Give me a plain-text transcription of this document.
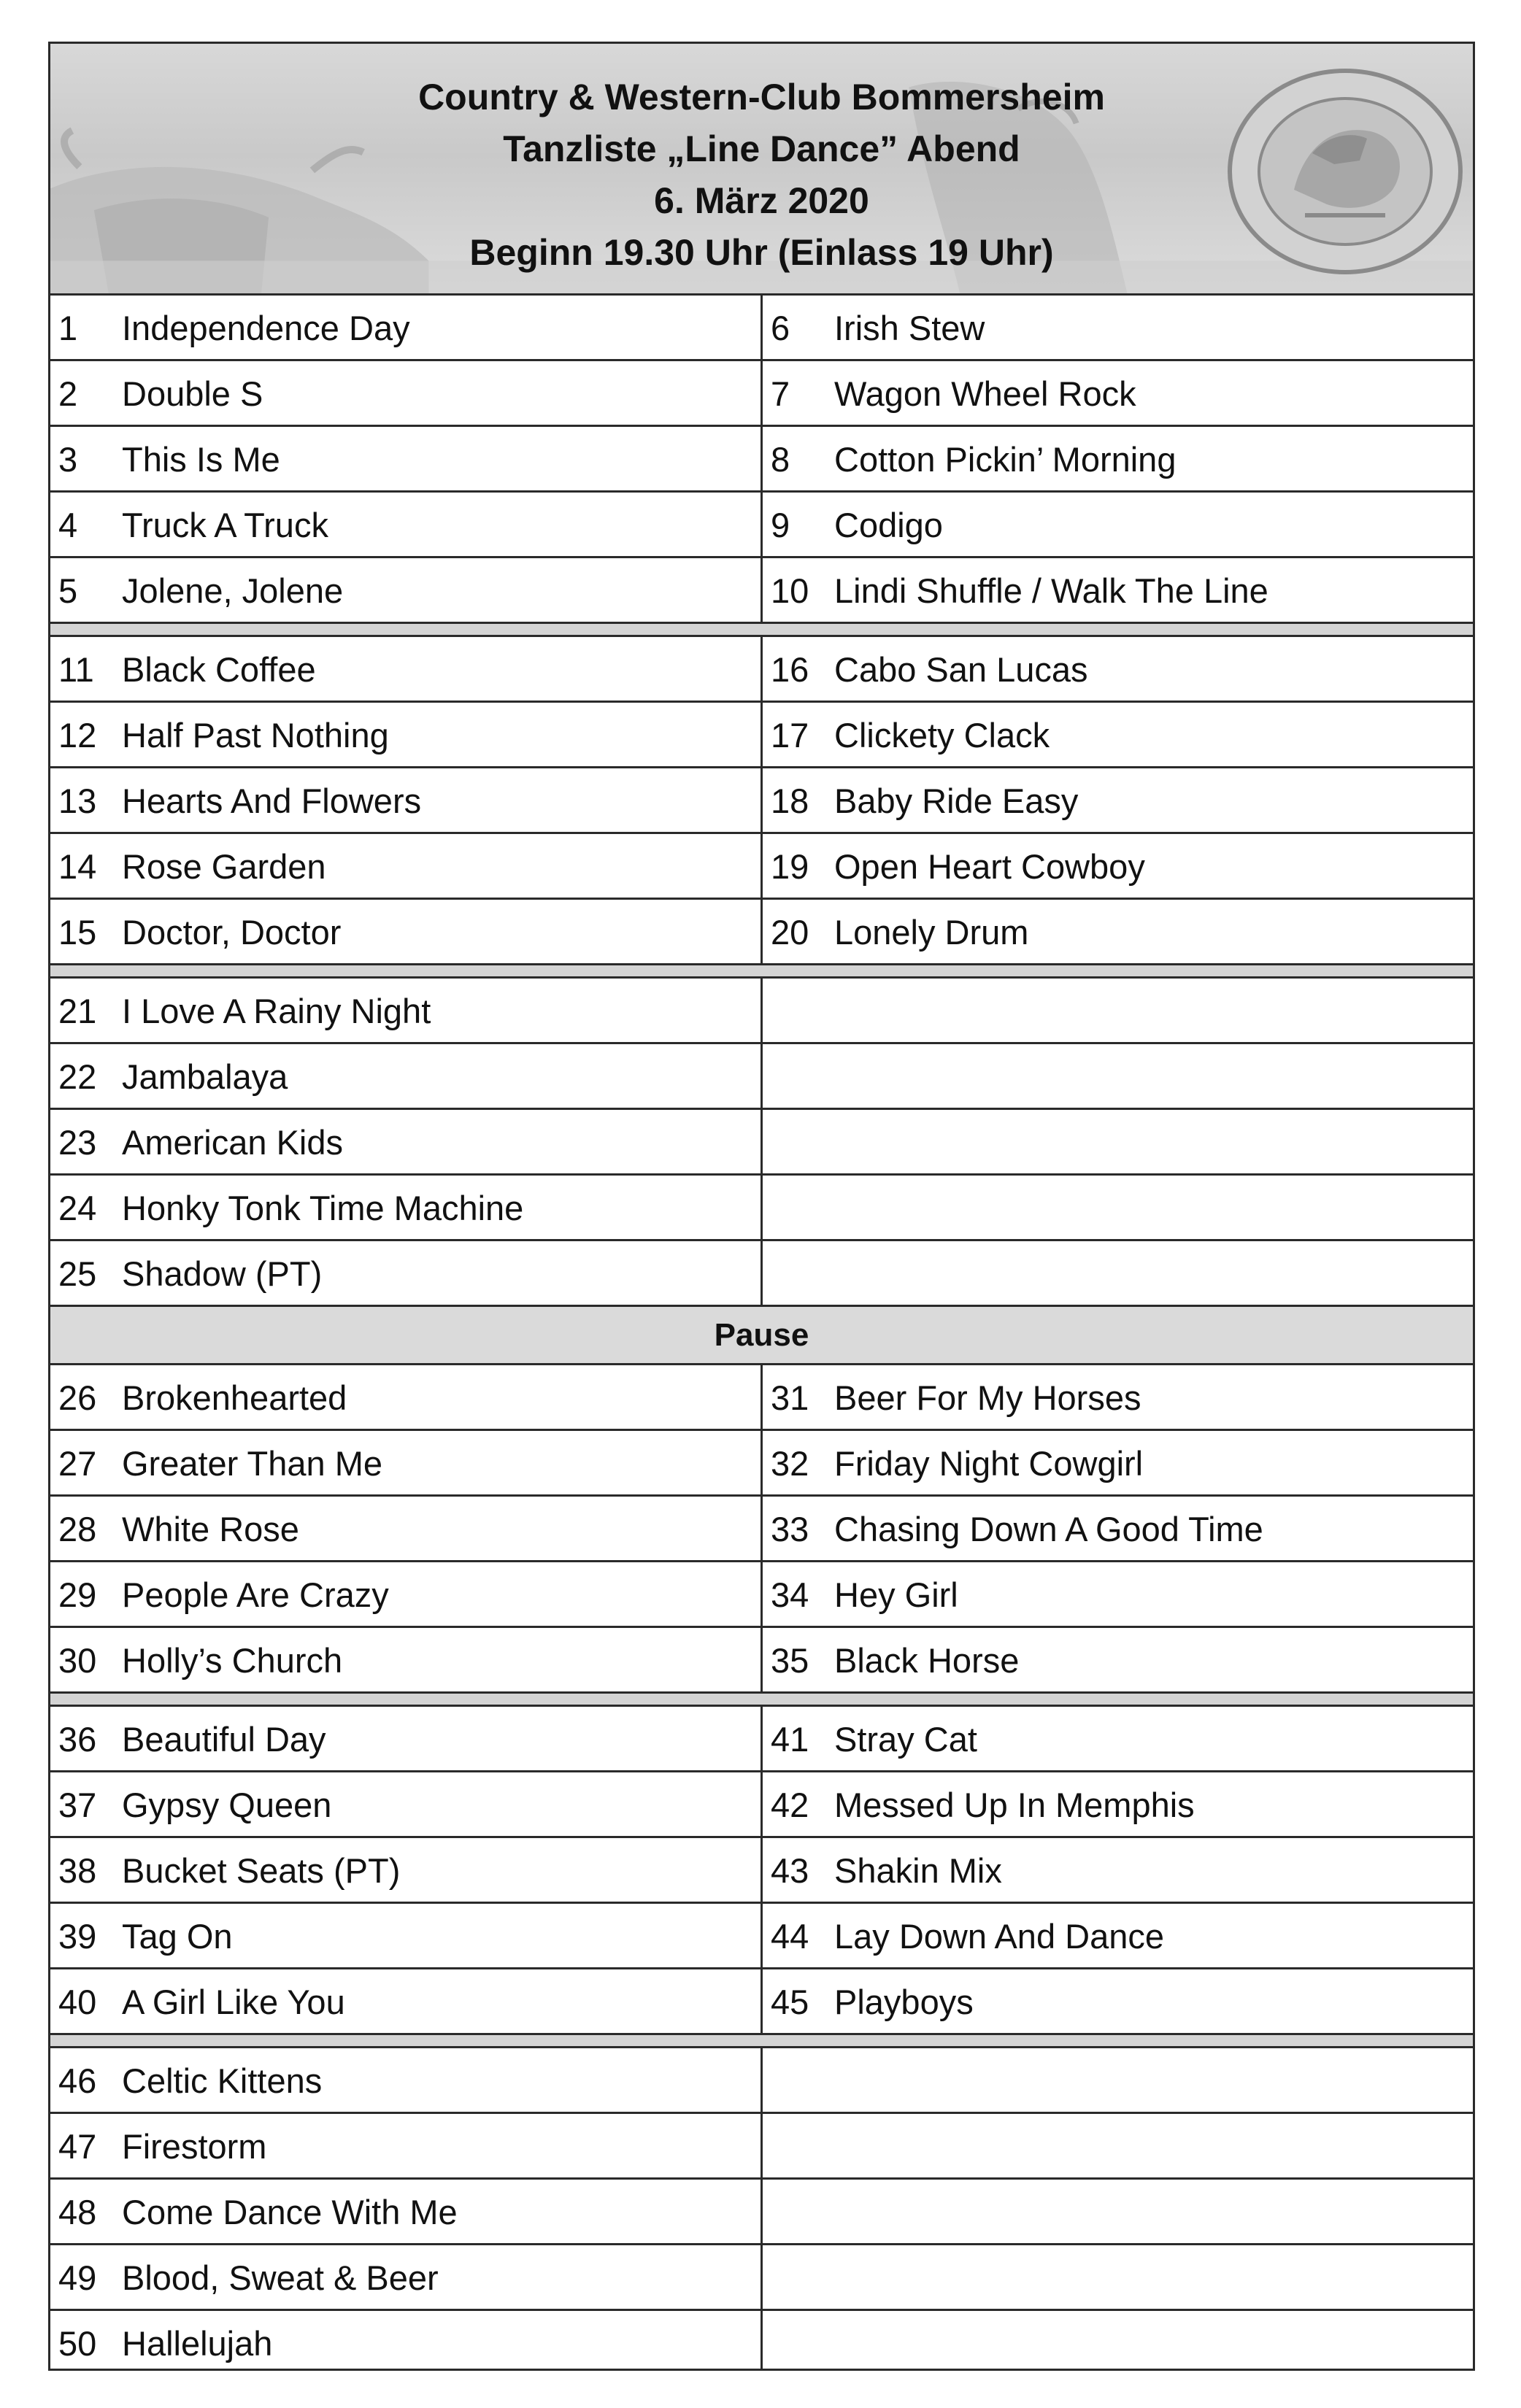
Country & Western-Club Bommersheim
Tanzliste „Line Dance” Abend
6. März 2020
Beginn 19.30 Uhr (Einlass 19 Uhr)
1 Independence Day	6 Irish Stew
2 Double S	7 Wagon Wheel Rock
3 This Is Me	8 Cotton Pickin’ Morning
4 Truck A Truck	9 Codigo
5 Jolene, Jolene	10 Lindi Shuffle / Walk The Line
11 Black Coffee	16 Cabo San Lucas
12 Half Past Nothing	17 Clickety Clack
13 Hearts And Flowers	18 Baby Ride Easy
14 Rose Garden	19 Open Heart Cowboy
15 Doctor, Doctor	20 Lonely Drum
21 I Love A Rainy Night
22 Jambalaya
23 American Kids
24 Honky Tonk Time Machine
25 Shadow (PT)
Pause
26 Brokenhearted	31 Beer For My Horses
27 Greater Than Me	32 Friday Night Cowgirl
28 White Rose	33 Chasing Down A Good Time
29 People Are Crazy	34 Hey Girl
30 Holly’s Church	35 Black Horse
36 Beautiful Day	41 Stray Cat
37 Gypsy Queen	42 Messed Up In Memphis
38 Bucket Seats (PT)	43 Shakin Mix
39 Tag On	44 Lay Down And Dance
40 A Girl Like You	45 Playboys
46 Celtic Kittens
47 Firestorm
48 Come Dance With Me
49 Blood, Sweat & Beer
50 Hallelujah
